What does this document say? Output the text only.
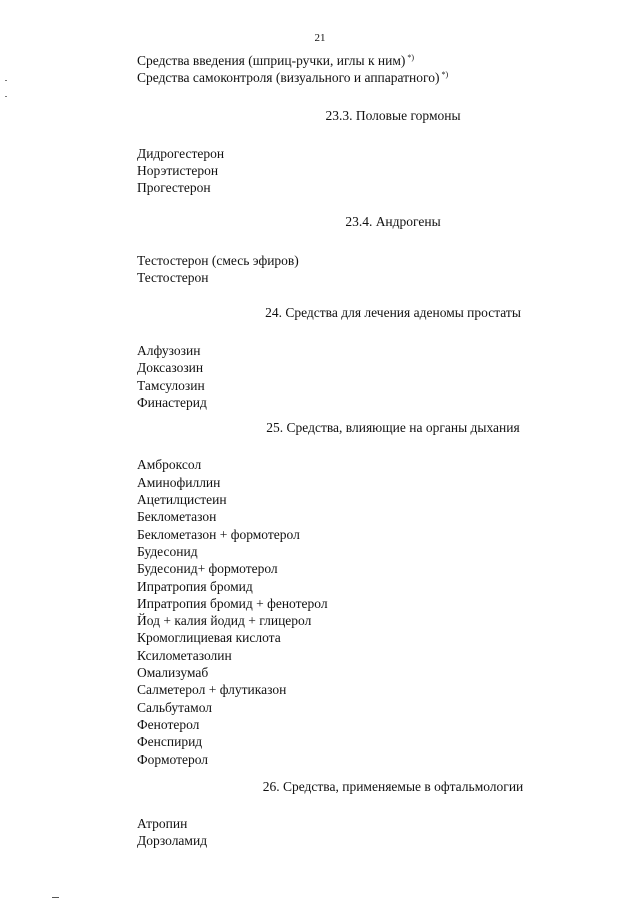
21
Средства введения (шприц-ручки, иглы к ним) *)
Средства самоконтроля (визуального и аппаратного) *)
23.3. Половые гормоны
Дидрогестерон
Норэтистерон
Прогестерон
23.4. Андрогены
Тестостерон (смесь эфиров)
Тестостерон
24. Средства для лечения аденомы простаты
Алфузозин
Доксазозин
Тамсулозин
Финастерид
25. Средства, влияющие на органы дыхания
Амброксол
Аминофиллин
Ацетилцистеин
Беклометазон
Беклометазон + формотерол
Будесонид
Будесонид+ формотерол
Ипратропия бромид
Ипратропия бромид + фенотерол
Йод + калия йодид + глицерол
Кромоглициевая кислота
Ксилометазолин
Омализумаб
Салметерол + флутиказон
Сальбутамол
Фенотерол
Фенспирид
Формотерол
26. Средства, применяемые в офтальмологии
Атропин
Дорзоламид
